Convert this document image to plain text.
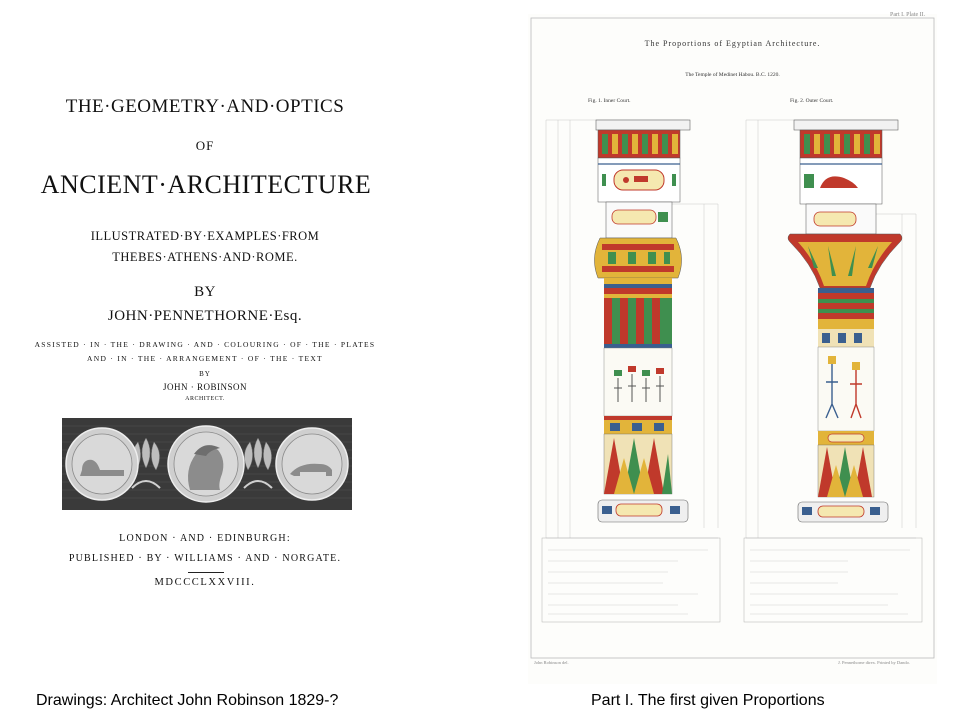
THE·GEOMETRY·AND·OPTICS
OF
ANCIENT·ARCHITECTURE
ILLUSTRATED·BY·EXAMPLES·FROM
THEBES·ATHENS·AND·ROME.
BY
JOHN·PENNETHORNE·Esq.
ASSISTED · IN · THE · DRAWING · AND · COLOURING · OF · THE · PLATES
AND · IN · THE · ARRANGEMENT · OF · THE · TEXT
BY
JOHN · ROBINSON
ARCHITECT.
LONDON · AND · EDINBURGH:
PUBLISHED · BY · WILLIAMS · AND · NORGATE.
MDCCCLXXVIII.
Part I. Plate II.
The Proportions of Egyptian Architecture.
The Temple of Medinet Habou. B.C. 1220.
Fig. 1. Inner Court.	Fig. 2. Outer Court.
John Robinson del.	J. Pennethorne direx. Printed by Dando.
Drawings: Architect John Robinson 1829-?	Part I. The first given Proportions
